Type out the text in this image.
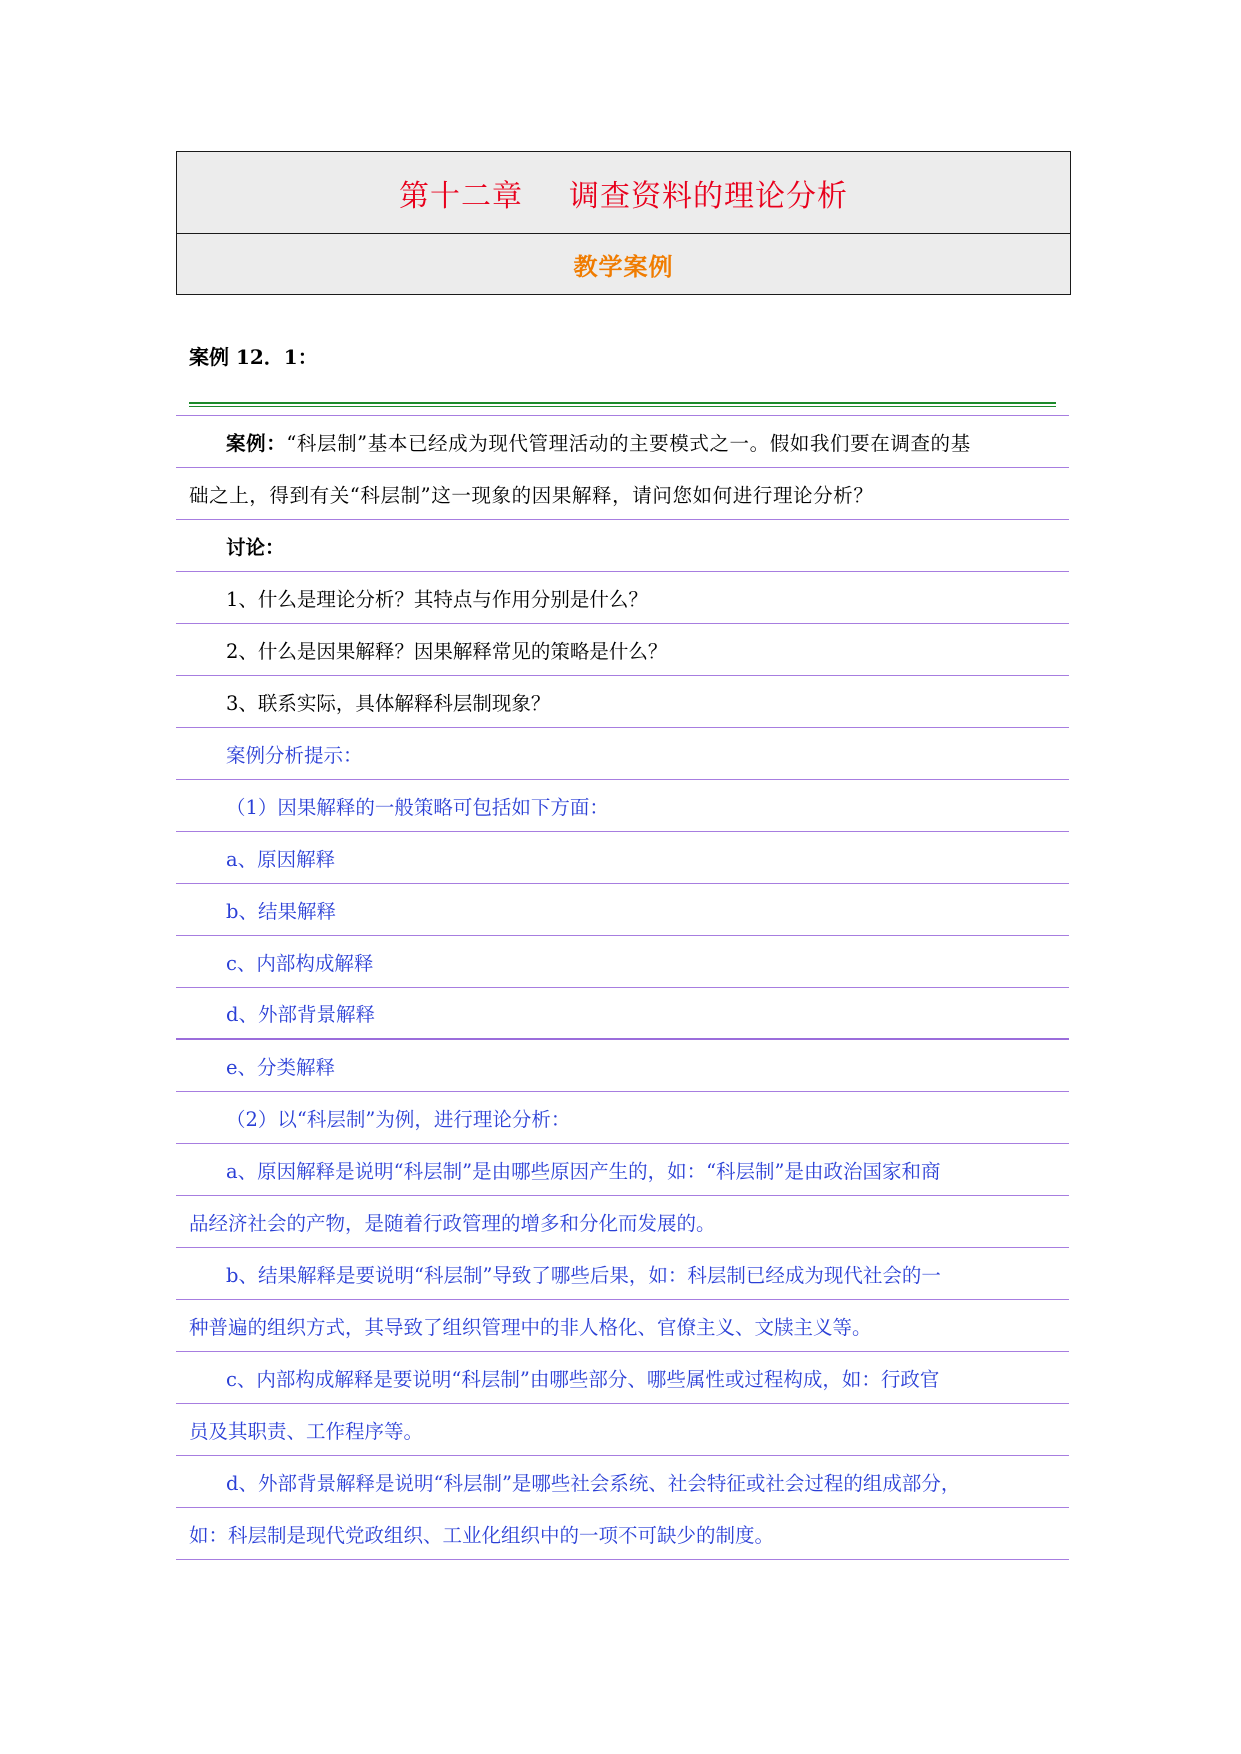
第十二章 调查资料的理论分析
教学案例
案例 12．1：
案例： “科层制”基本已经成为现代管理活动的主要模式之一。假如我们要在调查的基
础之上，得到有关“科层制”这一现象的因果解释，请问您如何进行理论分析？
讨论：
1、什么是理论分析？其特点与作用分别是什么？
2、什么是因果解释？因果解释常见的策略是什么？
3、联系实际，具体解释科层制现象？
案例分析提示：
（1）因果解释的一般策略可包括如下方面：
a、原因解释
b、结果解释
c、内部构成解释
d、外部背景解释
e、分类解释
（2）以“科层制”为例，进行理论分析：
a、原因解释是说明“科层制”是由哪些原因产生的，如：“科层制”是由政治国家和商
品经济社会的产物，是随着行政管理的增多和分化而发展的。
b、结果解释是要说明“科层制”导致了哪些后果，如：科层制已经成为现代社会的一
种普遍的组织方式，其导致了组织管理中的非人格化、官僚主义、文牍主义等。
c、内部构成解释是要说明“科层制”由哪些部分、哪些属性或过程构成，如：行政官
员及其职责、工作程序等。
d、外部背景解释是说明“科层制”是哪些社会系统、社会特征或社会过程的组成部分，
如：科层制是现代党政组织、工业化组织中的一项不可缺少的制度。
